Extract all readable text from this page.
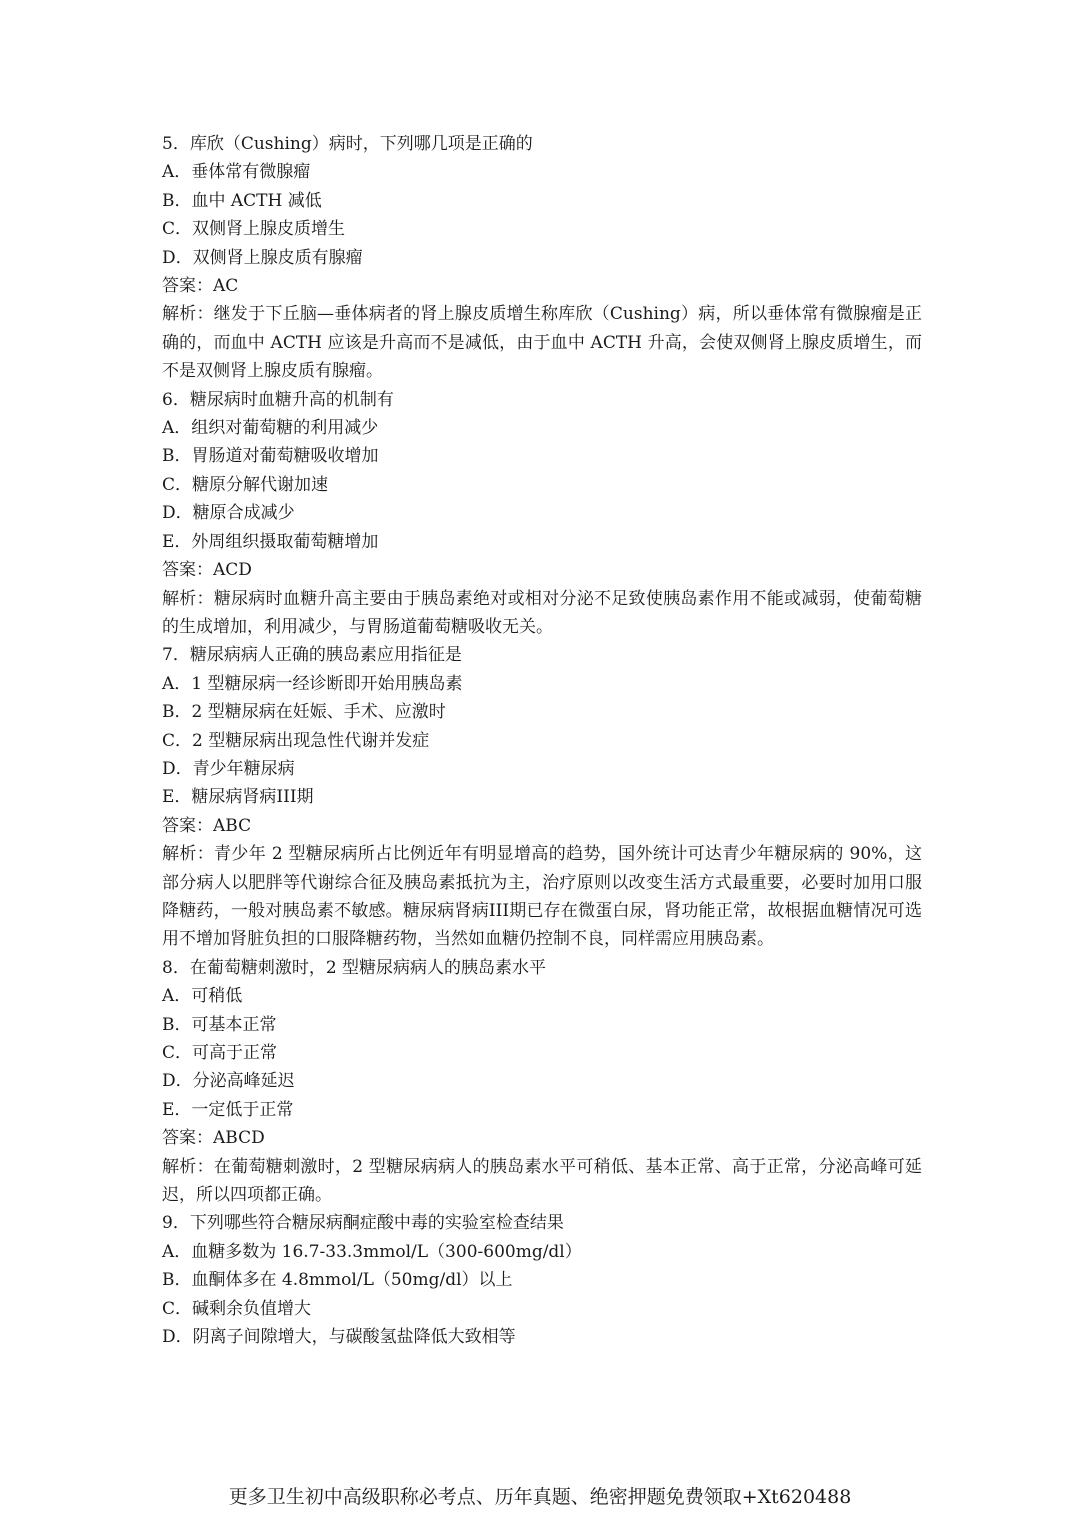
5．库欣（Cushing）病时，下列哪几项是正确的

A．垂体常有微腺瘤

B．血中 ACTH 减低

C．双侧肾上腺皮质增生

D．双侧肾上腺皮质有腺瘤

答案：AC

解析：继发于下丘脑—垂体病者的肾上腺皮质增生称库欣（Cushing）病，所以垂体常有微腺瘤是正确的，而血中 ACTH 应该是升高而不是减低，由于血中 ACTH 升高，会使双侧肾上腺皮质增生，而不是双侧肾上腺皮质有腺瘤。

6．糖尿病时血糖升高的机制有

A．组织对葡萄糖的利用减少

B．胃肠道对葡萄糖吸收增加

C．糖原分解代谢加速

D．糖原合成减少

E．外周组织摄取葡萄糖增加

答案：ACD

解析：糖尿病时血糖升高主要由于胰岛素绝对或相对分泌不足致使胰岛素作用不能或减弱，使葡萄糖的生成增加，利用减少，与胃肠道葡萄糖吸收无关。

7．糖尿病病人正确的胰岛素应用指征是

A．1 型糖尿病一经诊断即开始用胰岛素

B．2 型糖尿病在妊娠、手术、应激时

C．2 型糖尿病出现急性代谢并发症

D．青少年糖尿病

E．糖尿病肾病III期

答案：ABC

解析：青少年 2 型糖尿病所占比例近年有明显增高的趋势，国外统计可达青少年糖尿病的 90%，这部分病人以肥胖等代谢综合征及胰岛素抵抗为主，治疗原则以改变生活方式最重要，必要时加用口服降糖药，一般对胰岛素不敏感。糖尿病肾病III期已存在微蛋白尿，肾功能正常，故根据血糖情况可选用不增加肾脏负担的口服降糖药物，当然如血糖仍控制不良，同样需应用胰岛素。

8．在葡萄糖刺激时，2 型糖尿病病人的胰岛素水平

A．可稍低

B．可基本正常

C．可高于正常

D．分泌高峰延迟

E．一定低于正常

答案：ABCD

解析：在葡萄糖刺激时，2 型糖尿病病人的胰岛素水平可稍低、基本正常、高于正常，分泌高峰可延迟，所以四项都正确。

9．下列哪些符合糖尿病酮症酸中毒的实验室检查结果

A．血糖多数为 16.7-33.3mmol/L（300-600mg/dl）

B．血酮体多在 4.8mmol/L（50mg/dl）以上

C．碱剩余负值增大

D．阴离子间隙增大，与碳酸氢盐降低大致相等

更多卫生初中高级职称必考点、历年真题、绝密押题免费领取+Xt620488
